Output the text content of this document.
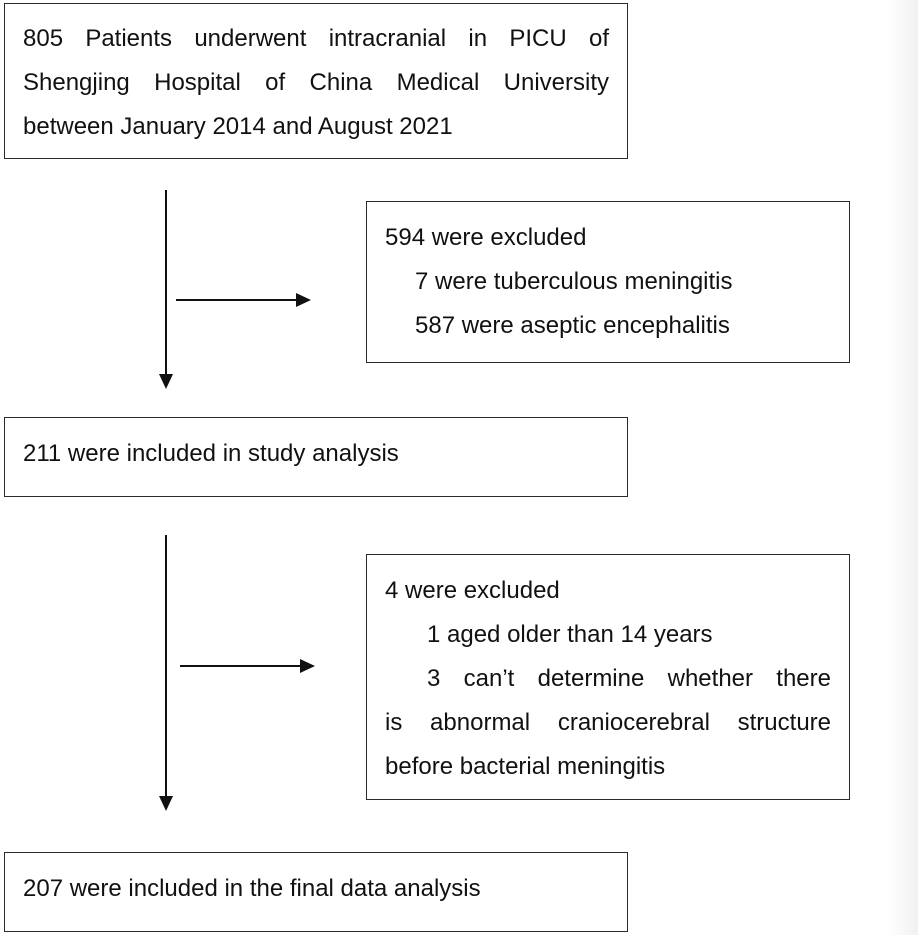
805 Patients underwent intracranial in PICU of
Shengjing Hospital of China Medical University
between January 2014 and August 2021
594 were excluded
7 were tuberculous meningitis
587 were aseptic encephalitis
211 were included in study analysis
4 were excluded
1 aged older than 14 years
3 can’t determine whether there
is abnormal craniocerebral structure
before bacterial meningitis
207 were included in the final data analysis
